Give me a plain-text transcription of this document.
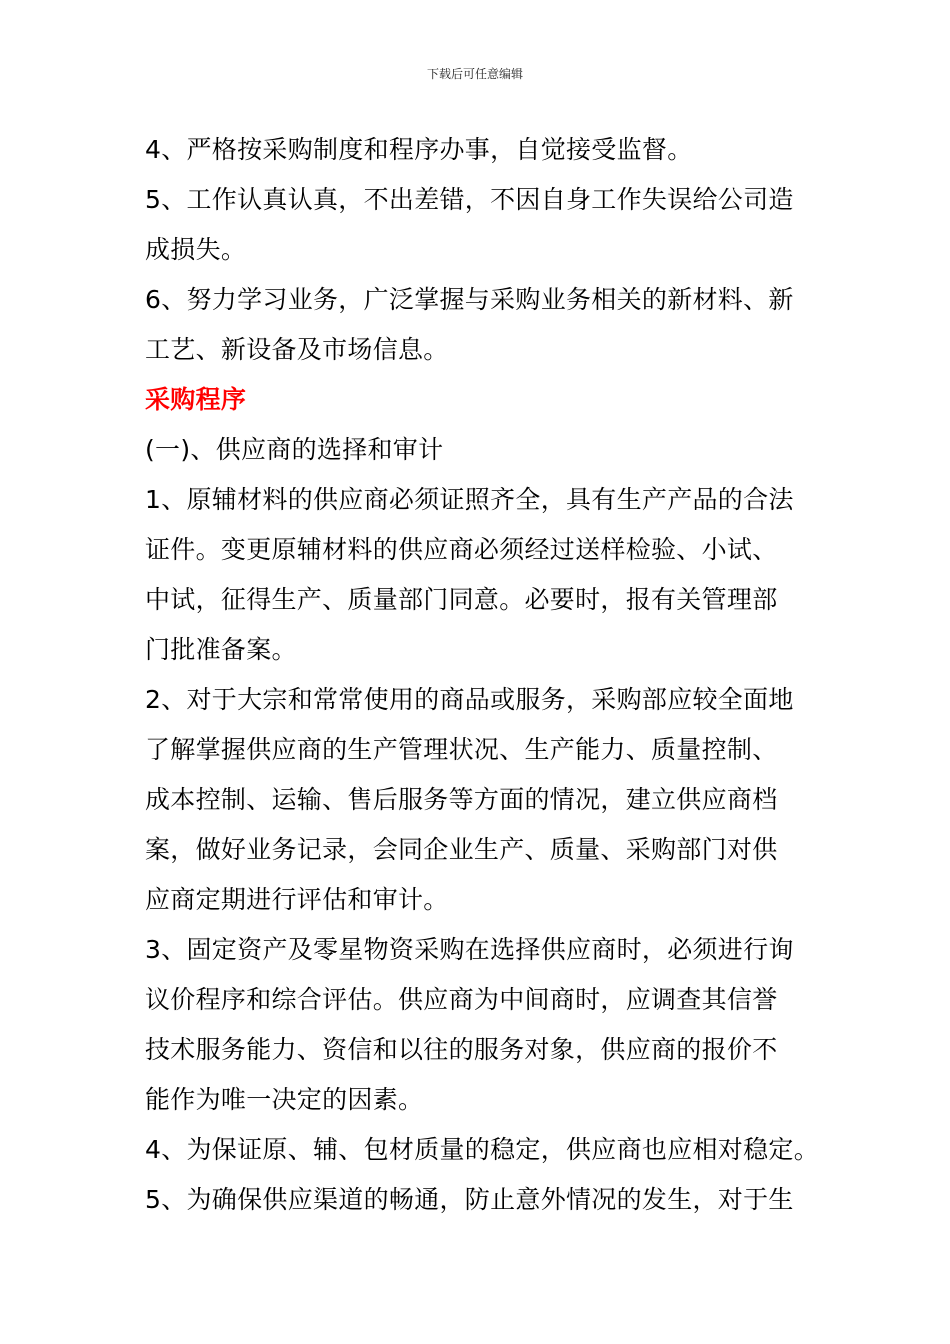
下载后可任意编辑
4、严格按采购制度和程序办事，自觉接受监督。
5、工作认真认真，不出差错，不因自身工作失误给公司造
成损失。
6、努力学习业务，广泛掌握与采购业务相关的新材料、新
工艺、新设备及市场信息。
采购程序
(一)、供应商的选择和审计
1、原辅材料的供应商必须证照齐全，具有生产产品的合法
证件。变更原辅材料的供应商必须经过送样检验、小试、
中试，征得生产、质量部门同意。必要时，报有关管理部
门批准备案。
2、对于大宗和常常使用的商品或服务，采购部应较全面地
了解掌握供应商的生产管理状况、生产能力、质量控制、
成本控制、运输、售后服务等方面的情况，建立供应商档
案，做好业务记录，会同企业生产、质量、采购部门对供
应商定期进行评估和审计。
3、固定资产及零星物资采购在选择供应商时，必须进行询
议价程序和综合评估。供应商为中间商时，应调查其信誉
技术服务能力、资信和以往的服务对象，供应商的报价不
能作为唯一决定的因素。
4、为保证原、辅、包材质量的稳定，供应商也应相对稳定。
5、为确保供应渠道的畅通，防止意外情况的发生，对于生
